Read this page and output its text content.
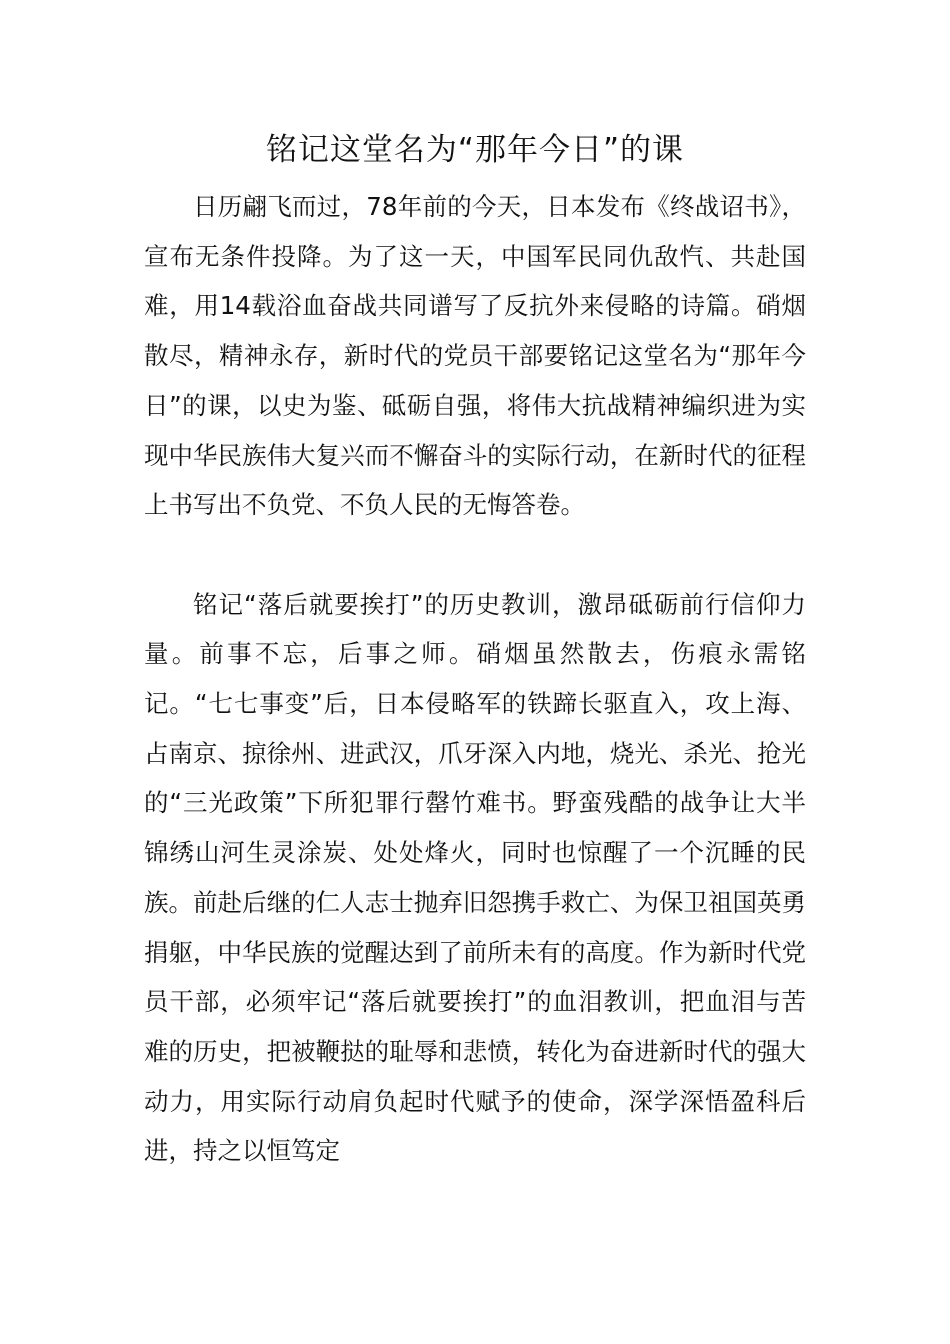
铭记这堂名为“那年今日”的课

日历翩飞而过，78年前的今天，日本发布《终战诏书》，宣布无条件投降。为了这一天，中国军民同仇敌忾、共赴国难，用14载浴血奋战共同谱写了反抗外来侵略的诗篇。硝烟散尽，精神永存，新时代的党员干部要铭记这堂名为“那年今日”的课，以史为鉴、砥砺自强，将伟大抗战精神编织进为实现中华民族伟大复兴而不懈奋斗的实际行动，在新时代的征程上书写出不负党、不负人民的无悔答卷。

铭记“落后就要挨打”的历史教训，激昂砥砺前行信仰力量。前事不忘，后事之师。硝烟虽然散去，伤痕永需铭记。“七七事变”后，日本侵略军的铁蹄长驱直入，攻上海、占南京、掠徐州、进武汉，爪牙深入内地，烧光、杀光、抢光的“三光政策”下所犯罪行罄竹难书。野蛮残酷的战争让大半锦绣山河生灵涂炭、处处烽火，同时也惊醒了一个沉睡的民族。前赴后继的仁人志士抛弃旧怨携手救亡、为保卫祖国英勇捐躯，中华民族的觉醒达到了前所未有的高度。作为新时代党员干部，必须牢记“落后就要挨打”的血泪教训，把血泪与苦难的历史，把被鞭挞的耻辱和悲愤，转化为奋进新时代的强大动力，用实际行动肩负起时代赋予的使命，深学深悟盈科后进，持之以恒笃定
